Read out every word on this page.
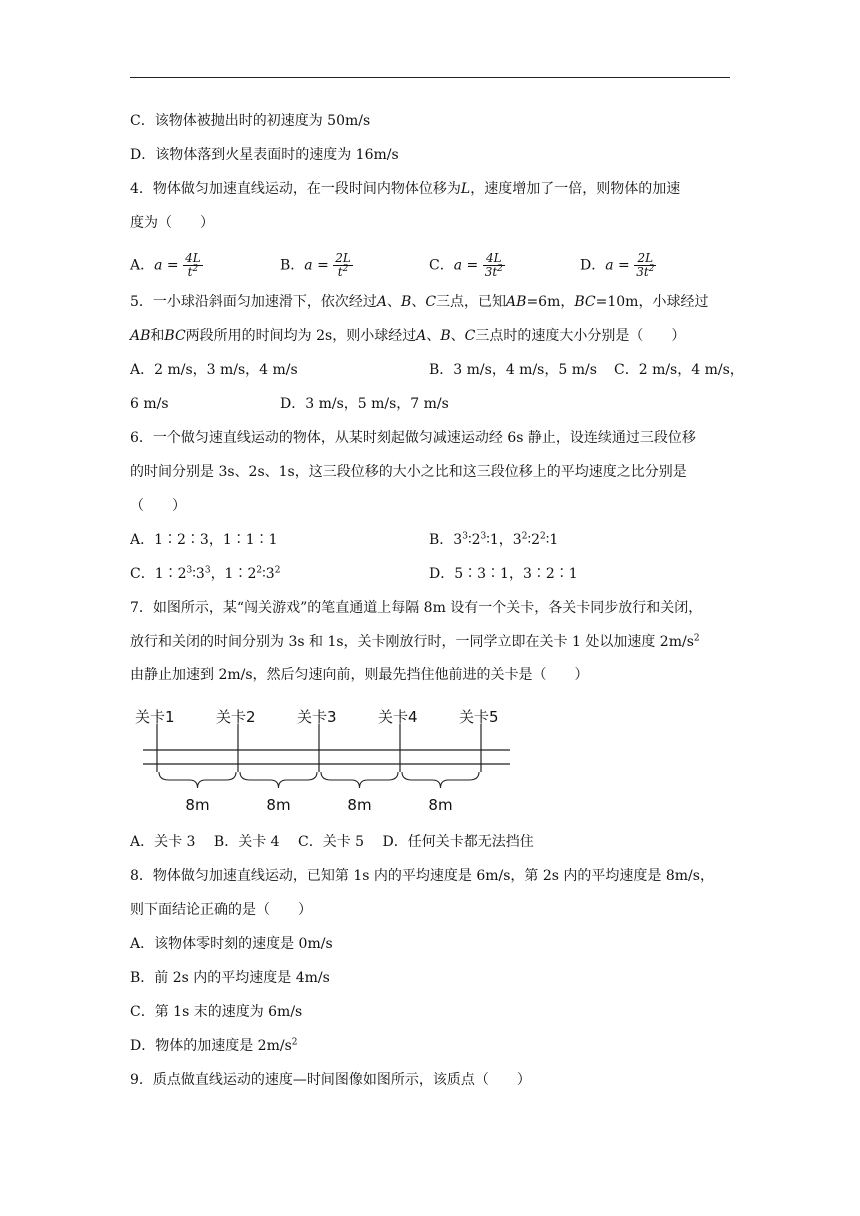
C．该物体被抛出时的初速度为 50m/s
D．该物体落到火星表面时的速度为 16m/s
4．物体做匀加速直线运动，在一段时间内物体位移为L，速度增加了一倍，则物体的加速
度为（　　）
A．$a = \frac{4L}{t^2}$	B．$a = \frac{2L}{t^2}$	C．$a = \frac{4L}{3t^2}$	D．$a = \frac{2L}{3t^2}$
5．一小球沿斜面匀加速滑下，依次经过A、B、C三点，已知AB=6m，BC=10m，小球经过
AB和BC两段所用的时间均为 2s，则小球经过A、B、C三点时的速度大小分别是（　　）
A．2 m/s，3 m/s，4 m/s	B．3 m/s，4 m/s，5 m/s C．2 m/s，4 m/s，
6 m/s	D．3 m/s，5 m/s，7 m/s
6．一个做匀速直线运动的物体，从某时刻起做匀减速运动经 6s 静止，设连续通过三段位移
的时间分别是 3s、2s、1s，这三段位移的大小之比和这三段位移上的平均速度之比分别是
（　　）
A．1∶2∶3，1∶1∶1	B．$3^3∶2^3∶1$，$3^2∶2^2∶1$
C．$1∶2^3∶3^3$，$1∶2^2∶3^2$	D．5∶3∶1，3∶2∶1
7．如图所示，某“闯关游戏”的笔直通道上每隔 8m 设有一个关卡，各关卡同步放行和关闭，
放行和关闭的时间分别为 3s 和 1s，关卡刚放行时，一同学立即在关卡 1 处以加速度 $2m/s^2$
由静止加速到 2m/s，然后匀速向前，则最先挡住他前进的关卡是（　　）
关卡1	关卡2	关卡3	关卡4	关卡5
8m	8m	8m	8m
A．关卡 3　 B．关卡 4　 C．关卡 5　 D．任何关卡都无法挡住
8．物体做匀加速直线运动，已知第 1s 内的平均速度是 6m/s，第 2s 内的平均速度是 8m/s，
则下面结论正确的是（　　）
A．该物体零时刻的速度是 0m/s
B．前 2s 内的平均速度是 4m/s
C．第 1s 末的速度为 6m/s
D．物体的加速度是 $2m/s^2$
9．质点做直线运动的速度—时间图像如图所示，该质点（　　）
